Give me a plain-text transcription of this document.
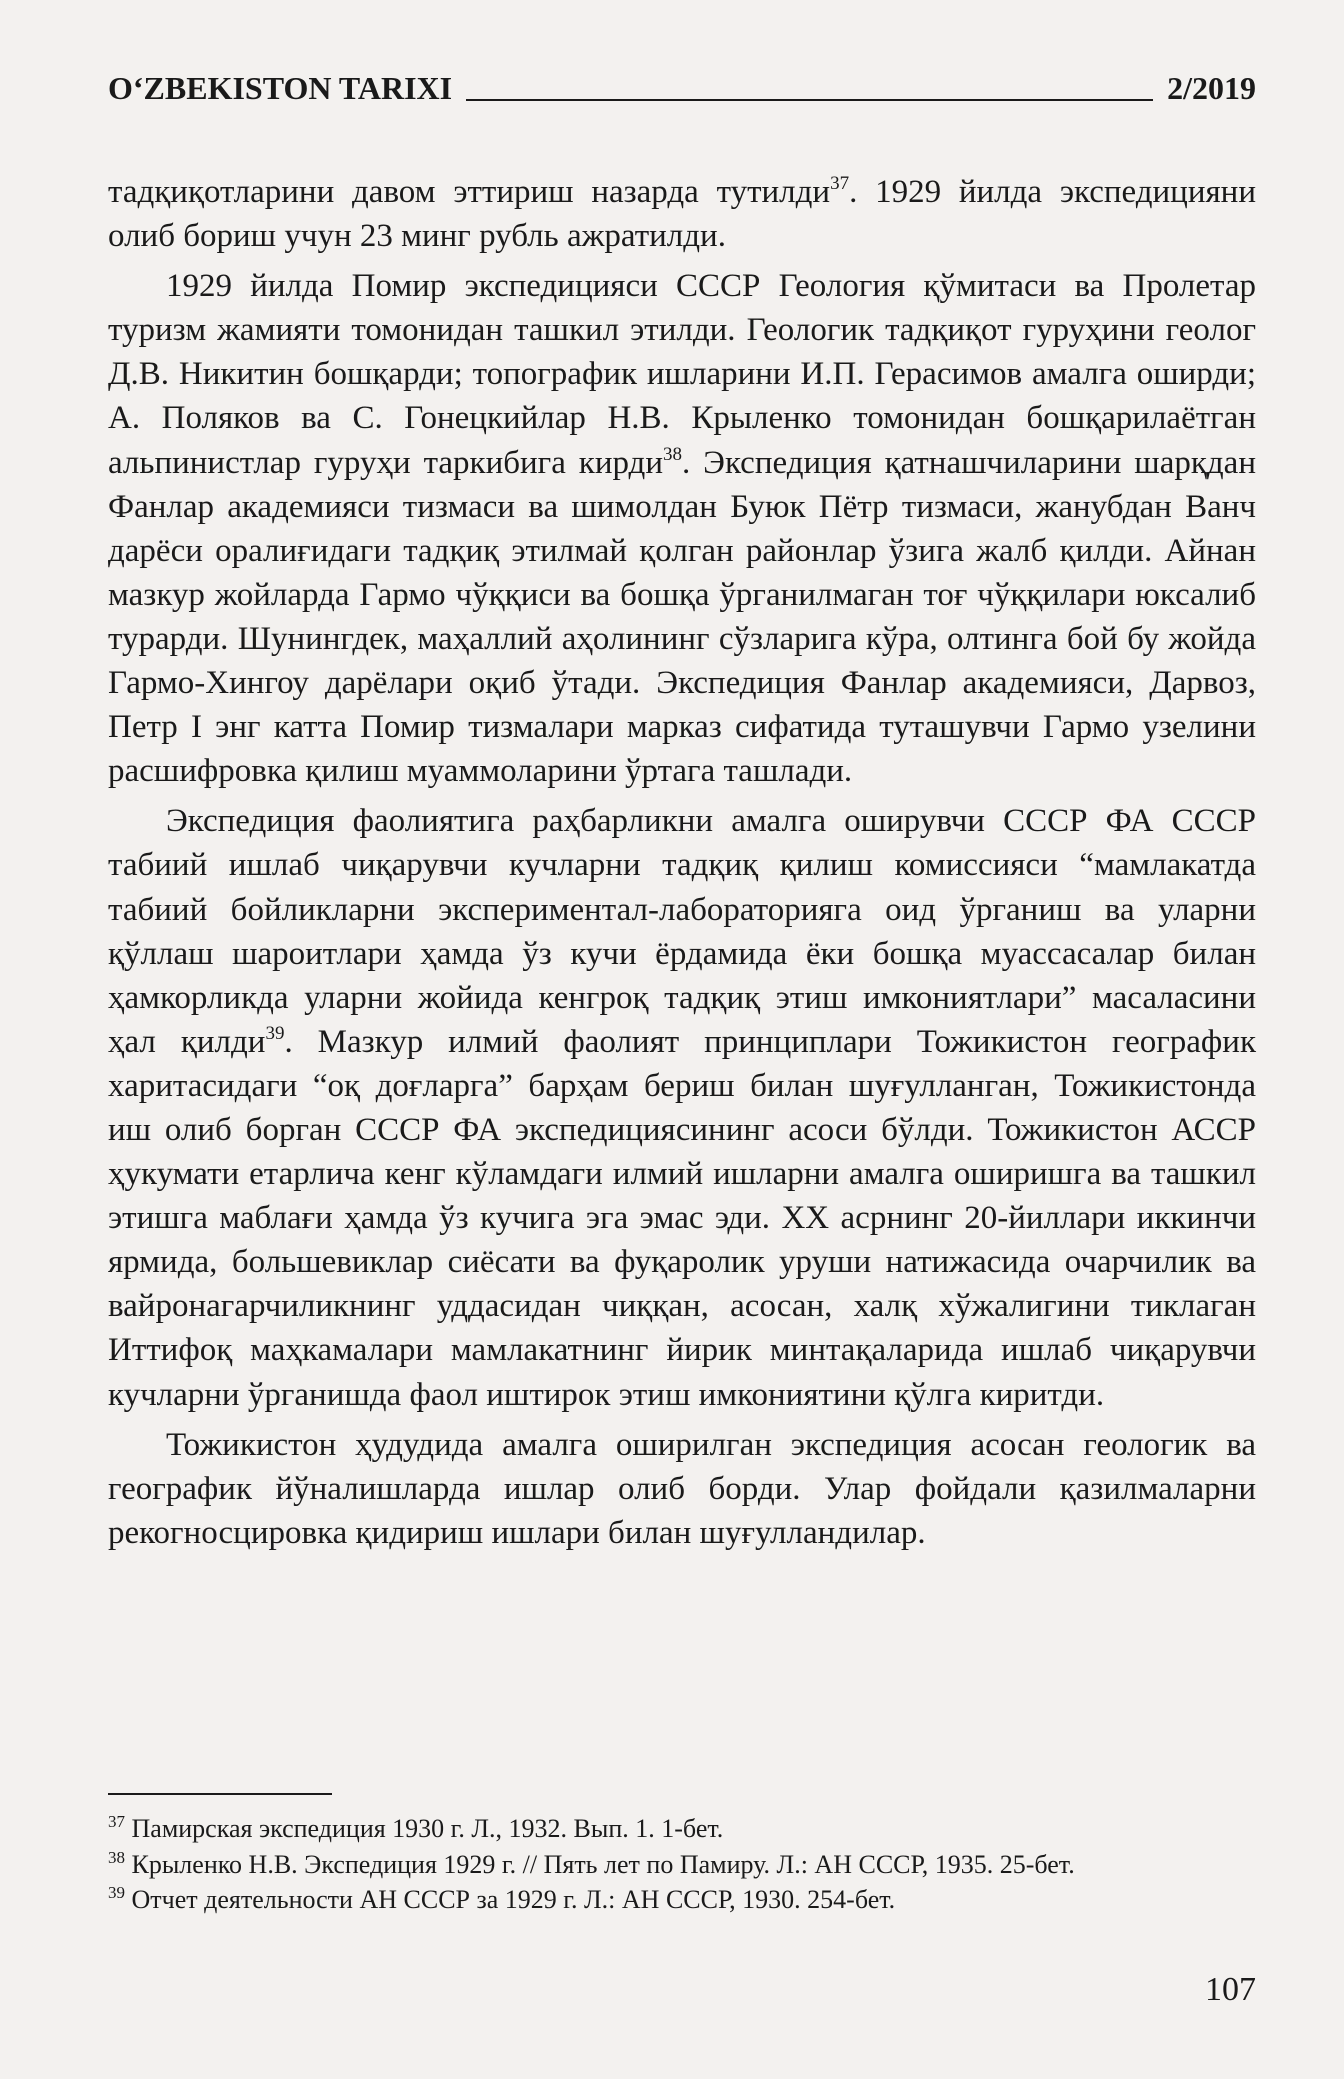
O‘ZBEKISTON TARIXI	2/2019

тадқиқотларини давом эттириш назарда тутилди$^{37}$. 1929 йилда экспедицияни олиб бориш учун 23 минг рубль ажратилди.

1929 йилда Помир экспедицияси СССР Геология қўмитаси ва Пролетар туризм жамияти томонидан ташкил этилди. Геологик тадқиқот гуруҳини геолог Д.В. Никитин бошқарди; топографик ишларини И.П. Герасимов амалга оширди; А. Поляков ва С. Гонецкийлар Н.В. Крыленко томонидан бошқарилаётган альпинистлар гуруҳи таркибига кирди$^{38}$. Экспедиция қатнашчиларини шарқдан Фанлар академияси тизмаси ва шимолдан Буюк Пётр тизмаси, жанубдан Ванч дарёси оралиғидаги тадқиқ этилмай қолган районлар ўзига жалб қилди. Айнан мазкур жойларда Гармо чўққиси ва бошқа ўрганилмаган тоғ чўққилари юксалиб турарди. Шунингдек, маҳаллий аҳолининг сўзларига кўра, олтинга бой бу жойда Гармо-Хингоу дарёлари оқиб ўтади. Экспедиция Фанлар академияси, Дарвоз, Петр I энг катта Помир тизмалари марказ сифатида туташувчи Гармо узелини расшифровка қилиш муаммоларини ўртага ташлади.

Экспедиция фаолиятига раҳбарликни амалга оширувчи СССР ФА СССР табиий ишлаб чиқарувчи кучларни тадқиқ қилиш комиссияси “мамлакатда табиий бойликларни экспериментал-лабораторияга оид ўрганиш ва уларни қўллаш шароитлари ҳамда ўз кучи ёрдамида ёки бошқа муассасалар билан ҳамкорликда уларни жойида кенгроқ тадқиқ этиш имкониятлари” масаласини ҳал қилди$^{39}$. Мазкур илмий фаолият принциплари Тожикистон географик харитасидаги “оқ доғларга” барҳам бериш билан шуғулланган, Тожикистонда иш олиб борган СССР ФА экспедициясининг асоси бўлди. Тожикистон АССР ҳукумати етарлича кенг кўламдаги илмий ишларни амалга оширишга ва ташкил этишга маблағи ҳамда ўз кучига эга эмас эди. ХХ асрнинг 20-йиллари иккинчи ярмида, большевиклар сиёсати ва фуқаролик уруши натижасида очарчилик ва вайронагарчиликнинг уддасидан чиққан, асосан, халқ хўжалигини тиклаган Иттифоқ маҳкамалари мамлакатнинг йирик минтақаларида ишлаб чиқарувчи кучларни ўрганишда фаол иштирок этиш имкониятини қўлга киритди.

Тожикистон ҳудудида амалга оширилган экспедиция асосан геологик ва географик йўналишларда ишлар олиб борди. Улар фойдали қазилмаларни рекогносцировка қидириш ишлари билан шуғулландилар.

$^{37}$ Памирская экспедиция 1930 г. Л., 1932. Вып. 1. 1-бет.
$^{38}$ Крыленко Н.В. Экспедиция 1929 г. // Пять лет по Памиру. Л.: АН СССР, 1935. 25-бет.
$^{39}$ Отчет деятельности АН СССР за 1929 г. Л.: АН СССР, 1930. 254-бет.
107
